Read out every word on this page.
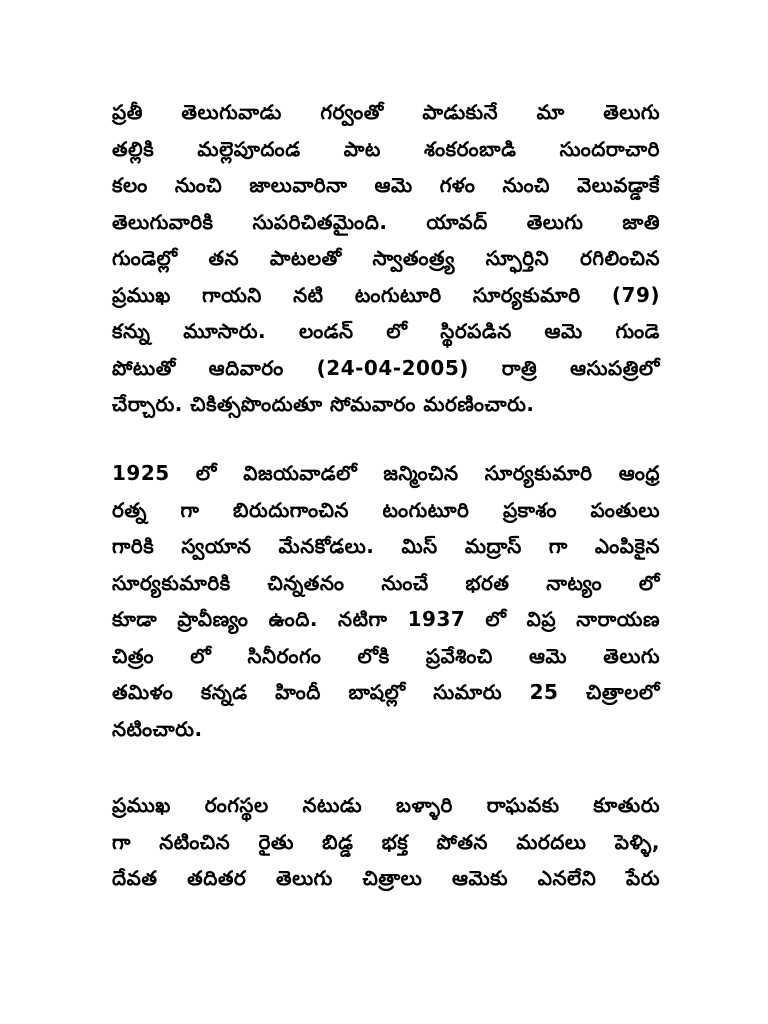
ప్రతీ తెలుగువాడు గర్వంతో పాడుకునే మా తెలుగు
తల్లికి మల్లెపూదండ పాట శంకరంబాడి సుందరాచారి
కలం నుంచి జాలువారినా ఆమె గళం నుంచి వెలువడ్డాకే
తెలుగువారికి సుపరిచితమైంది. యావద్ తెలుగు జాతి
గుండెల్లో తన పాటలతో స్వాతంత్ర్య స్ఫూర్తిని రగిలించిన
ప్రముఖ గాయని నటి టంగుటూరి సూర్యకుమారి (79)
కన్ను మూసారు. లండన్ లో స్థిరపడిన ఆమె గుండె
పోటుతో ఆదివారం (24-04-2005) రాత్రి ఆసుపత్రిలో
చేర్చారు. చికిత్సపొందుతూ సోమవారం మరణించారు.
1925 లో విజయవాడలో జన్మించిన సూర్యకుమారి ఆంధ్ర
రత్న గా బిరుదుగాంచిన టంగుటూరి ప్రకాశం పంతులు
గారికి స్వయాన మేనకోడలు. మిస్ మద్రాస్ గా ఎంపికైన
సూర్యకుమారికి చిన్నతనం నుంచే భరత నాట్యం లో
కూడా ప్రావీణ్యం ఉంది. నటిగా 1937 లో విప్ర నారాయణ
చిత్రం లో సినీరంగం లోకి ప్రవేశించి ఆమె తెలుగు
తమిళం కన్నడ హిందీ బాషల్లో సుమారు 25 చిత్రాలలో
నటించారు.
ప్రముఖ రంగస్థల నటుడు బళ్ళారి రాఘవకు కూతురు
గా నటించిన రైతు బిడ్డ భక్త పోతన మరదలు పెళ్ళి,
దేవత తదితర తెలుగు చిత్రాలు ఆమెకు ఎనలేని పేరు
